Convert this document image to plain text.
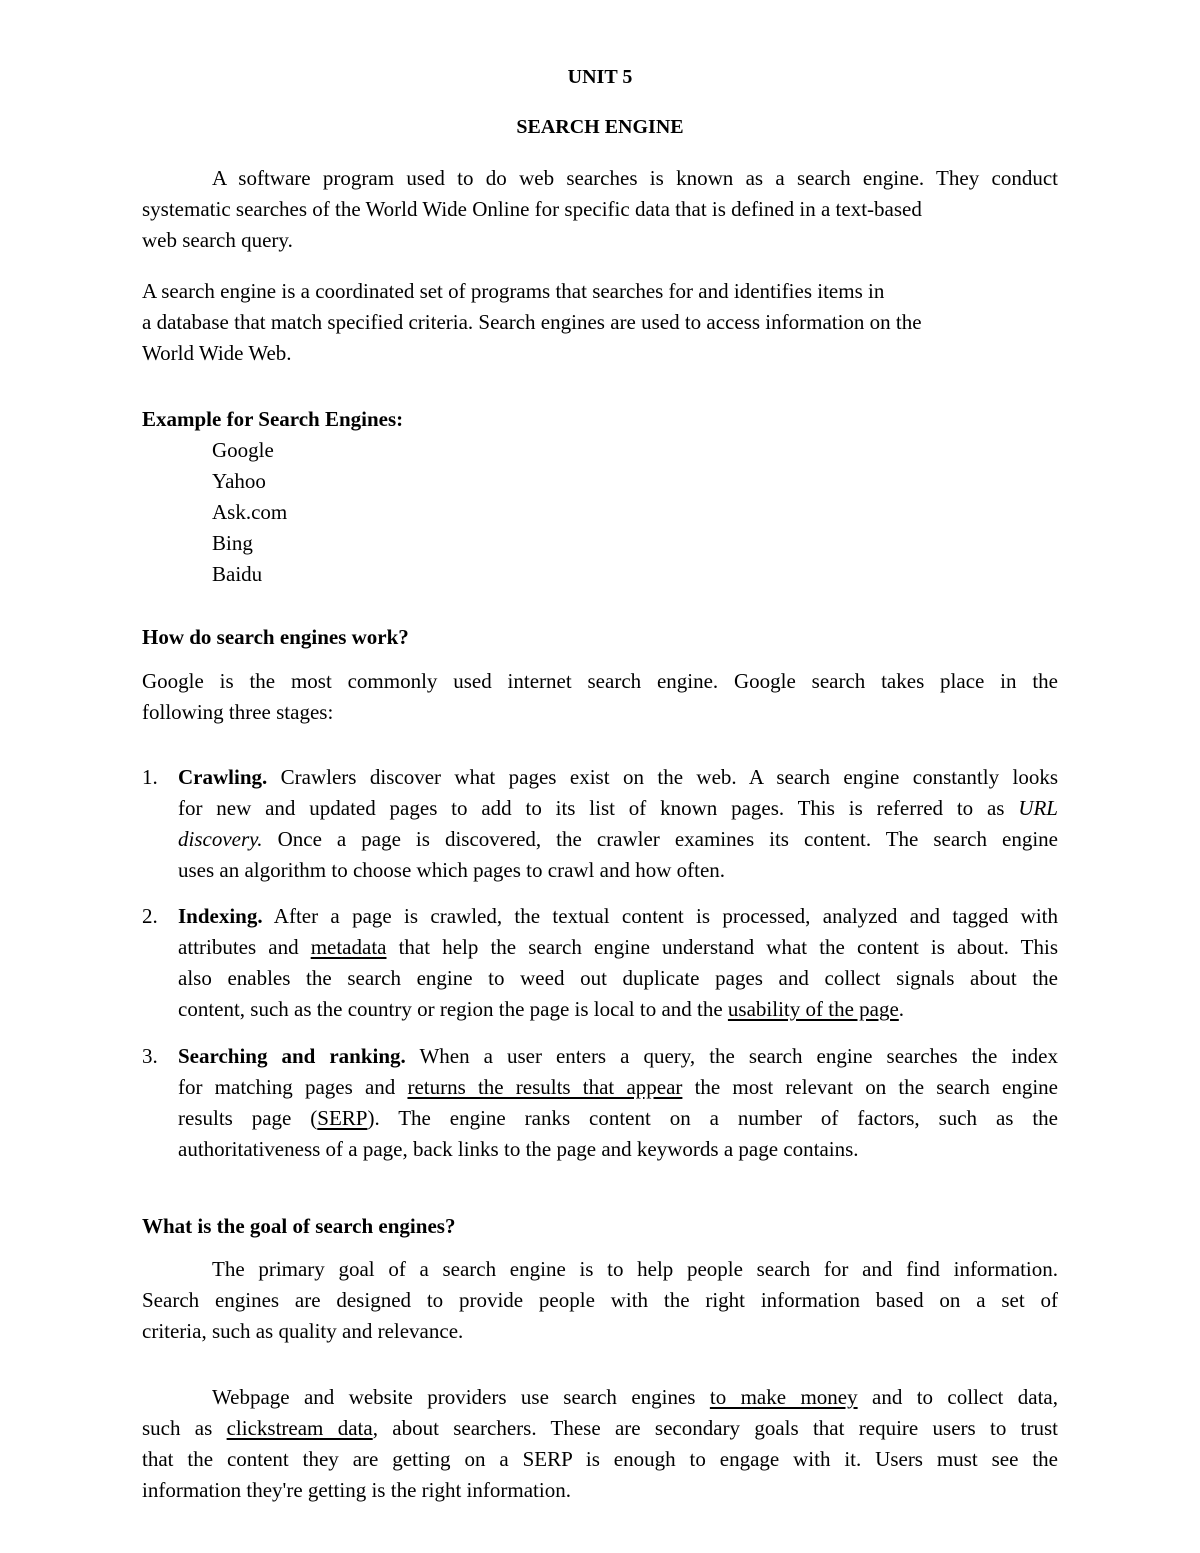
UNIT 5
SEARCH ENGINE
A software program used to do web searches is known as a search engine. They conduct
systematic searches of the World Wide Online for specific data that is defined in a text-based
web search query.
A search engine is a coordinated set of programs that searches for and identifies items in
a database that match specified criteria. Search engines are used to access information on the
World Wide Web.
Example for Search Engines:
Google
Yahoo
Ask.com
Bing
Baidu
How do search engines work?
Google is the most commonly used internet search engine. Google search takes place in the
following three stages:
1. Crawling. Crawlers discover what pages exist on the web. A search engine constantly looks
for new and updated pages to add to its list of known pages. This is referred to as URL
discovery. Once a page is discovered, the crawler examines its content. The search engine
uses an algorithm to choose which pages to crawl and how often.
2. Indexing. After a page is crawled, the textual content is processed, analyzed and tagged with
attributes and metadata that help the search engine understand what the content is about. This
also enables the search engine to weed out duplicate pages and collect signals about the
content, such as the country or region the page is local to and the usability of the page.
3. Searching and ranking. When a user enters a query, the search engine searches the index
for matching pages and returns the results that appear the most relevant on the search engine
results page (SERP). The engine ranks content on a number of factors, such as the
authoritativeness of a page, back links to the page and keywords a page contains.
What is the goal of search engines?
The primary goal of a search engine is to help people search for and find information.
Search engines are designed to provide people with the right information based on a set of
criteria, such as quality and relevance.
Webpage and website providers use search engines to make money and to collect data,
such as clickstream data, about searchers. These are secondary goals that require users to trust
that the content they are getting on a SERP is enough to engage with it. Users must see the
information they're getting is the right information.
